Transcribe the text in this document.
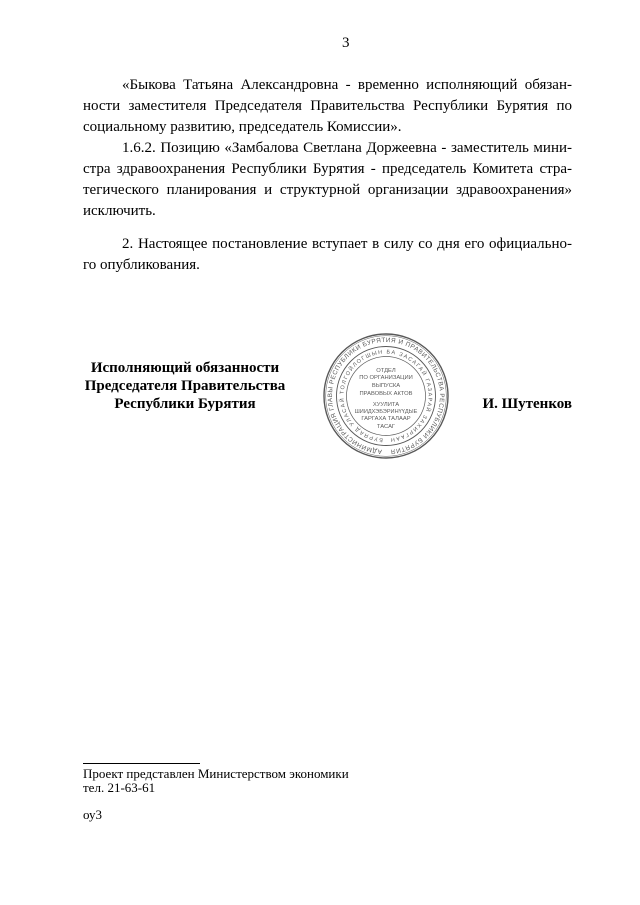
3
«Быкова Татьяна Александровна - временно исполняющий обязан-
ности заместителя Председателя Правительства Республики Бурятия по
социальному развитию, председатель Комиссии».
1.6.2. Позицию «Замбалова Светлана Доржеевна - заместитель мини-
стра здравоохранения Республики Бурятия - председатель Комитета стра-
тегического планирования и структурной организации здравоохранения»
исключить.
2. Настоящее постановление вступает в силу со дня его официально-
го опубликования.
Исполняющий обязанности
Председателя Правительства
Республики Бурятия
АДМИНИСТРАЦИЯ ГЛАВЫ РЕСПУБЛИКИ БУРЯТИЯ И ПРАВИТЕЛЬСТВА РЕСПУБЛИКИ БУРЯТИЯ
БУРЯАД УЛАСАЙ ТОЛГОЙЛОГШЫН БА ЗАСАГАЙ ГАЗАРАЙ ЗАХИРГААН
ОТДЕЛ
ПО ОРГАНИЗАЦИИ
ВЫПУСКА
ПРАВОВЫХ АКТОВ
ХУУЛИТА
ШИИДХЭБЭРИНҮҮДЫЕ
ГАРГАХА ТАЛААР
ТАСАГ
И. Шутенков
Проект представлен Министерством экономики
тел. 21-63-61
оу3
